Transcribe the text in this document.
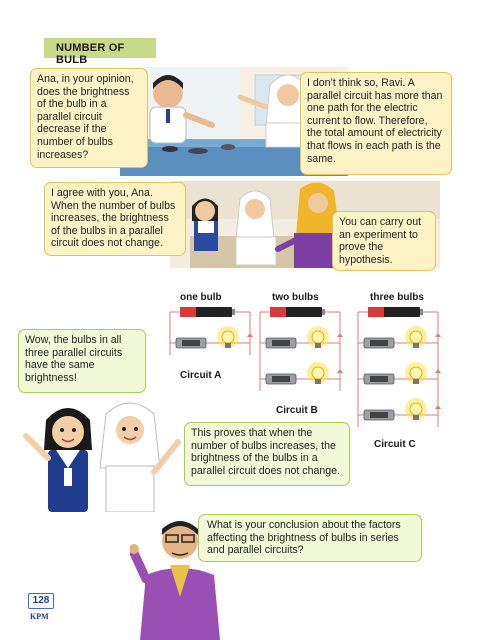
NUMBER OF BULB
Ana, in your opinion, does the brightness of the bulb in a parallel circuit decrease if the number of bulbs increases?
I don’t think so, Ravi. A parallel circuit has more than one path for the electric current to flow. Therefore, the total amount of electricity that flows in each path is the same.
I agree with you, Ana. When the number of bulbs increases, the brightness of the bulbs in a parallel circuit does not change.
You can carry out an experiment to prove the hypothesis.
one bulb	two bulbs	three bulbs
Circuit A
Circuit B
Circuit C
Wow, the bulbs in all three parallel circuits have the same brightness!
This proves that when the number of bulbs increases, the brightness of the bulbs in a parallel circuit does not change.
What is your conclusion about the factors affecting the brightness of bulbs in series and parallel circuits?
128
KPM
